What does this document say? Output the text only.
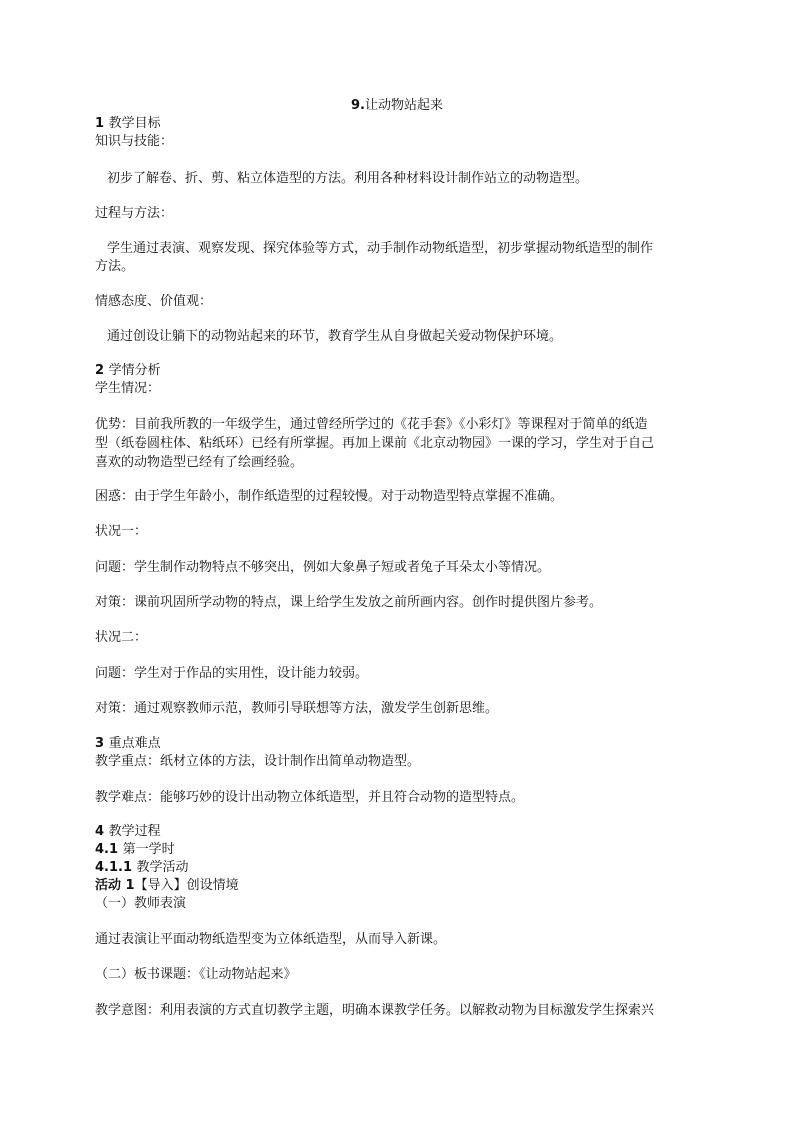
9.让动物站起来
1 教学目标
知识与技能：
初步了解卷、折、剪、粘立体造型的方法。利用各种材料设计制作站立的动物造型。
过程与方法：
学生通过表演、观察发现、探究体验等方式，动手制作动物纸造型，初步掌握动物纸造型的制作
方法。
情感态度、价值观：
通过创设让躺下的动物站起来的环节，教育学生从自身做起关爱动物保护环境。
2 学情分析
学生情况：
优势：目前我所教的一年级学生，通过曾经所学过的《花手套》《小彩灯》等课程对于简单的纸造
型（纸卷圆柱体、粘纸环）已经有所掌握。再加上课前《北京动物园》一课的学习，学生对于自己
喜欢的动物造型已经有了绘画经验。
困惑：由于学生年龄小，制作纸造型的过程较慢。对于动物造型特点掌握不准确。
状况一：
问题：学生制作动物特点不够突出，例如大象鼻子短或者兔子耳朵太小等情况。
对策：课前巩固所学动物的特点，课上给学生发放之前所画内容。创作时提供图片参考。
状况二：
问题：学生对于作品的实用性，设计能力较弱。
对策：通过观察教师示范，教师引导联想等方法，激发学生创新思维。
3 重点难点
教学重点：纸材立体的方法，设计制作出简单动物造型。
教学难点：能够巧妙的设计出动物立体纸造型，并且符合动物的造型特点。
4 教学过程
4.1 第一学时
4.1.1 教学活动
活动 1【导入】创设情境
（一）教师表演
通过表演让平面动物纸造型变为立体纸造型，从而导入新课。
（二）板书课题：《让动物站起来》
教学意图：利用表演的方式直切教学主题，明确本课教学任务。以解救动物为目标激发学生探索兴
